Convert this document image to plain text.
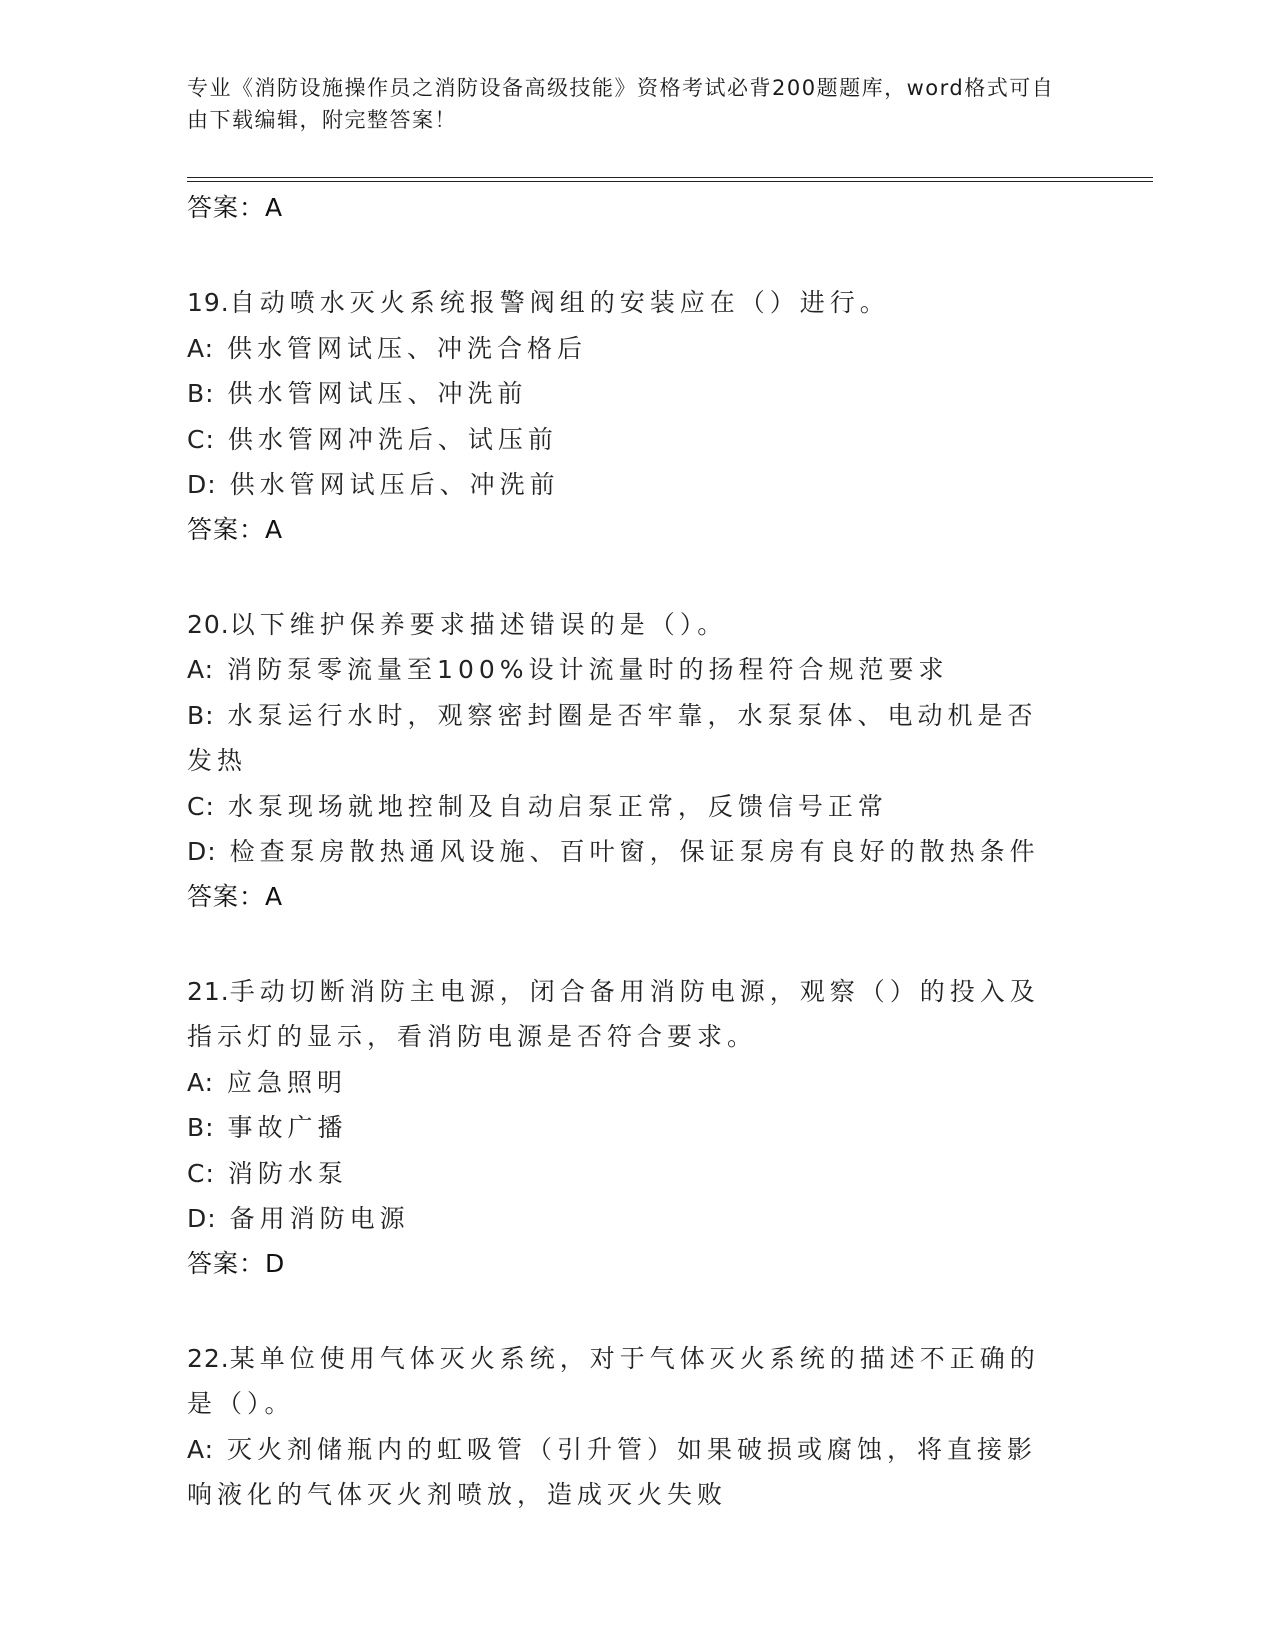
专业《消防设施操作员之消防设备高级技能》资格考试必背200题题库，word格式可自由下载编辑，附完整答案！

答案：A

19.自动喷水灭火系统报警阀组的安装应在（）进行。

A: 供水管网试压、冲洗合格后

B: 供水管网试压、冲洗前

C: 供水管网冲洗后、试压前

D: 供水管网试压后、冲洗前

答案：A

20.以下维护保养要求描述错误的是（）。

A: 消防泵零流量至100%设计流量时的扬程符合规范要求

B: 水泵运行水时，观察密封圈是否牢靠，水泵泵体、电动机是否发热

C: 水泵现场就地控制及自动启泵正常，反馈信号正常

D: 检查泵房散热通风设施、百叶窗，保证泵房有良好的散热条件

答案：A

21.手动切断消防主电源，闭合备用消防电源，观察（）的投入及指示灯的显示，看消防电源是否符合要求。

A: 应急照明

B: 事故广播

C: 消防水泵

D: 备用消防电源

答案：D

22.某单位使用气体灭火系统，对于气体灭火系统的描述不正确的是（）。

A: 灭火剂储瓶内的虹吸管（引升管）如果破损或腐蚀，将直接影响液化的气体灭火剂喷放，造成灭火失败
